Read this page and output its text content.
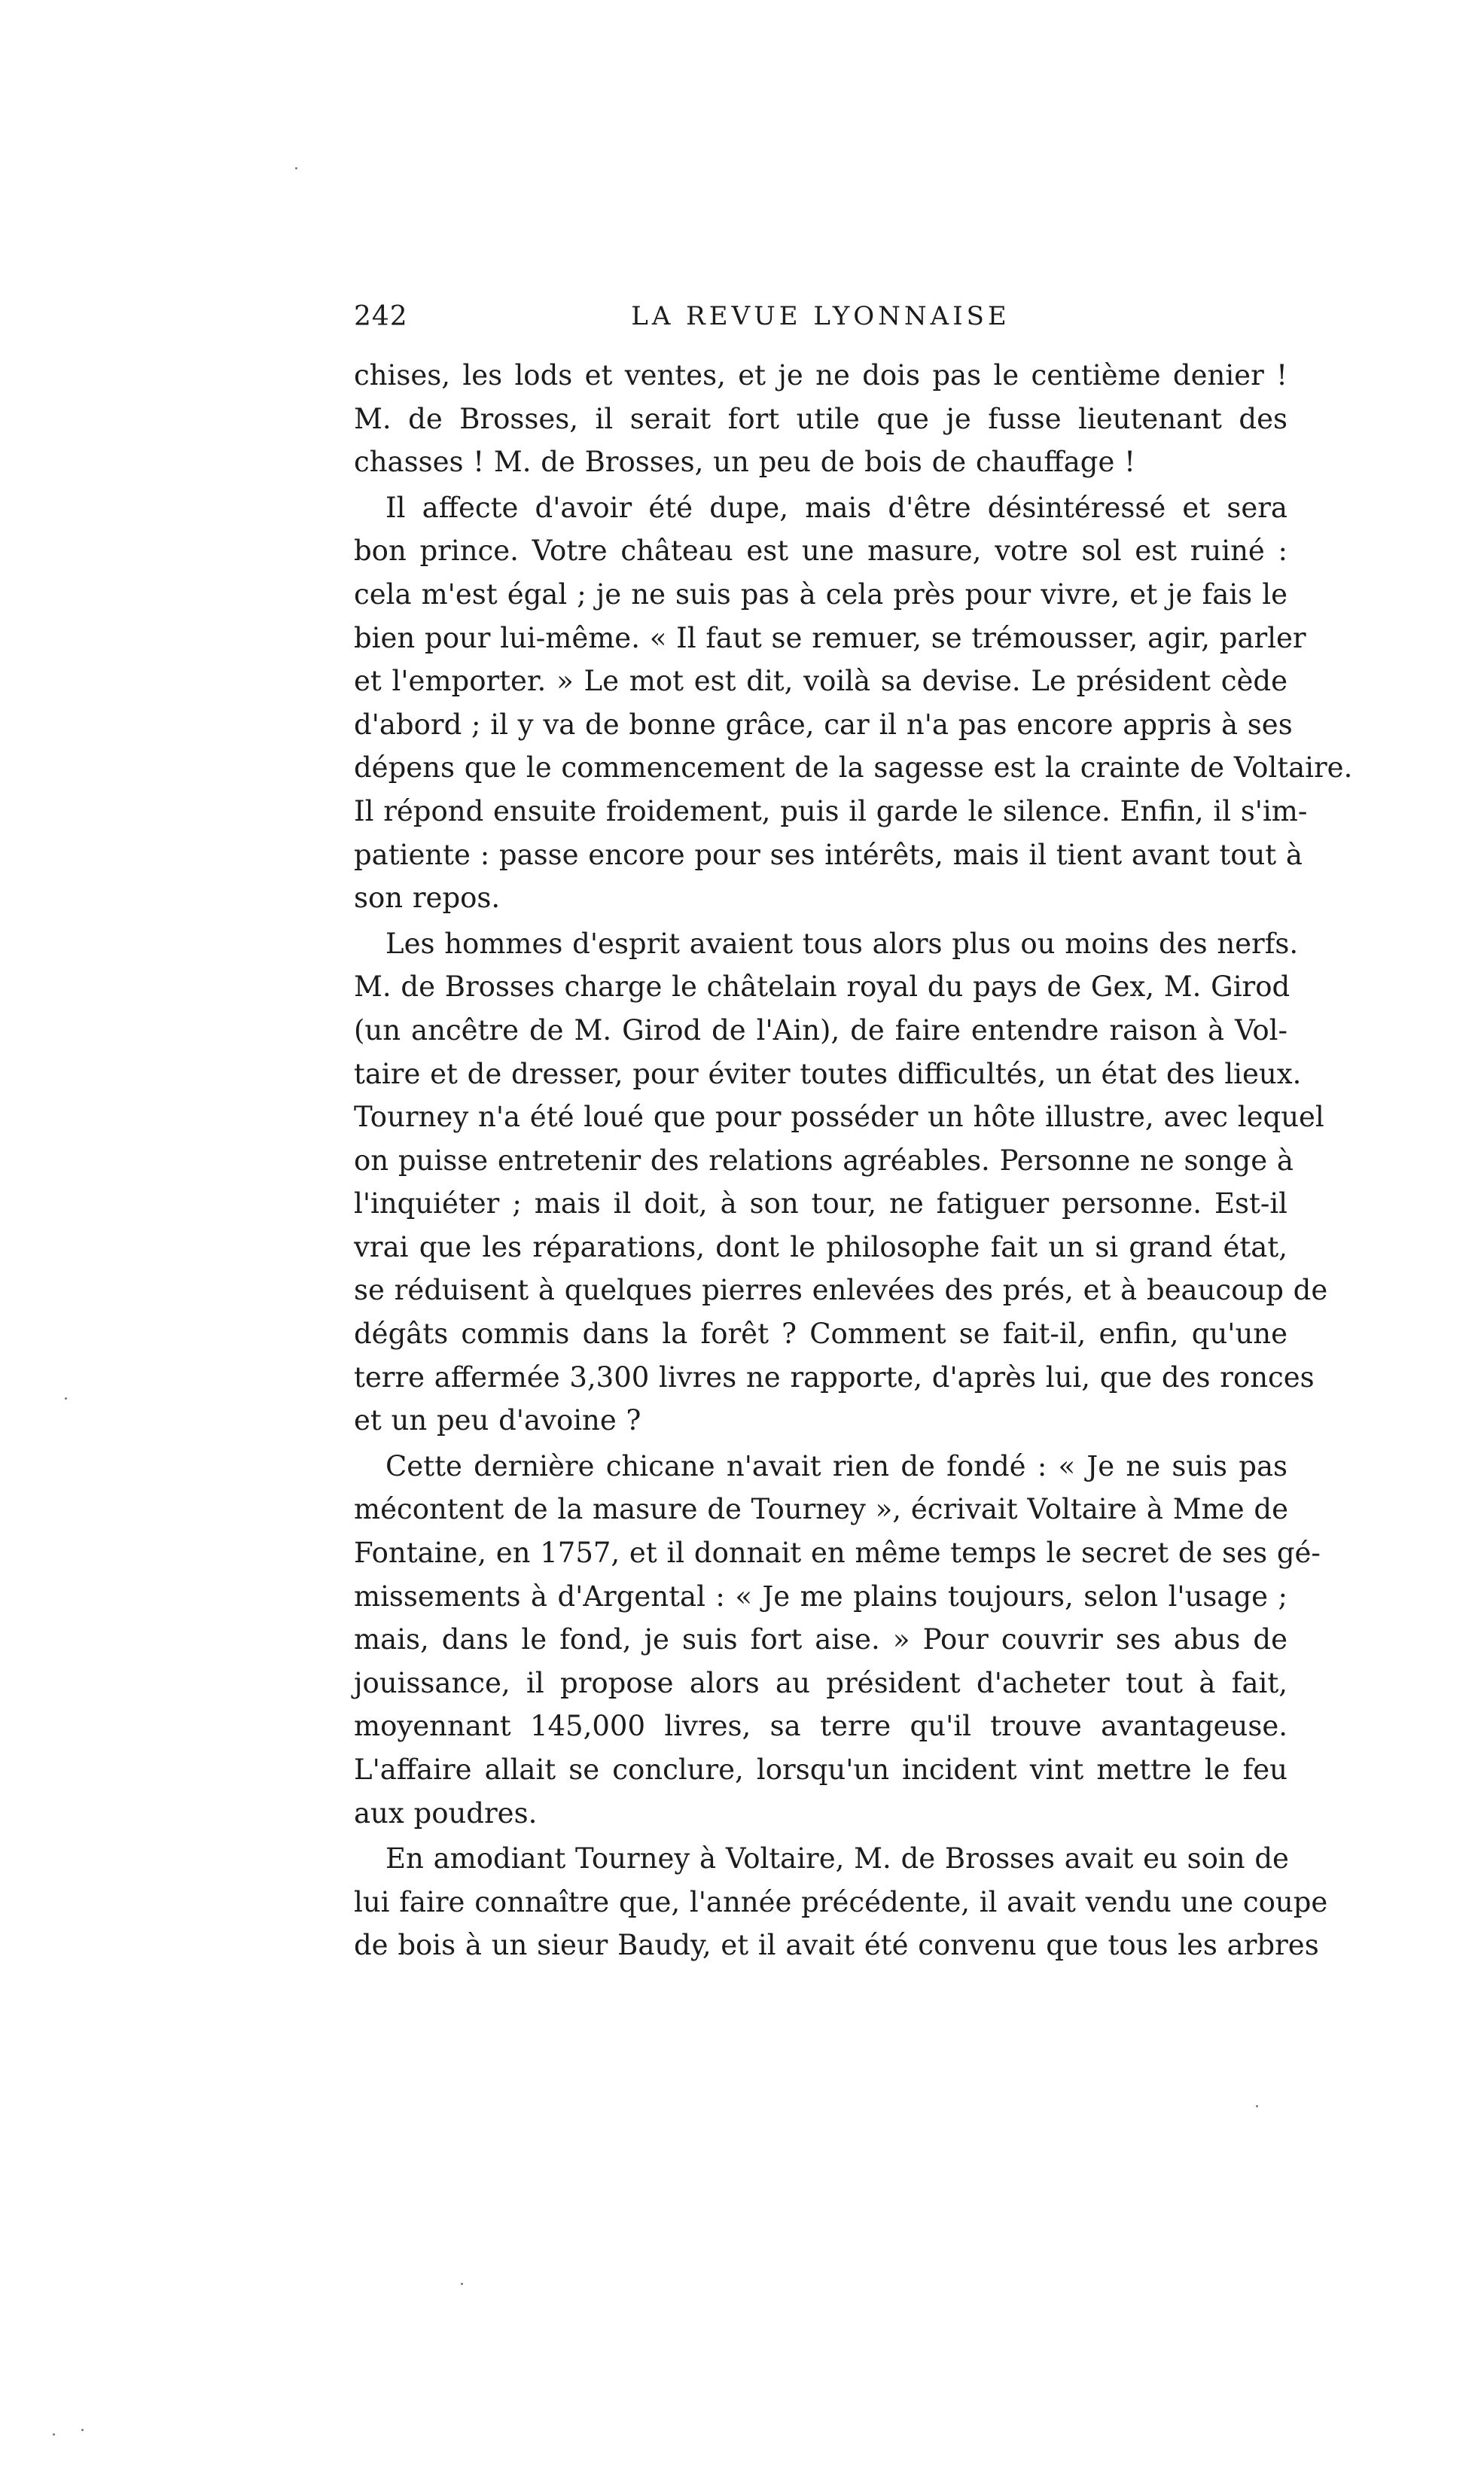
242	LA REVUE LYONNAISE
chises, les lods et ventes, et je ne dois pas le centième denier !
M. de Brosses, il serait fort utile que je fusse lieutenant des
chasses ! M. de Brosses, un peu de bois de chauffage !
Il affecte d'avoir été dupe, mais d'être désintéressé et sera
bon prince. Votre château est une masure, votre sol est ruiné :
cela m'est égal ; je ne suis pas à cela près pour vivre, et je fais le
bien pour lui-même. « Il faut se remuer, se trémousser, agir, parler
et l'emporter. » Le mot est dit, voilà sa devise. Le président cède
d'abord ; il y va de bonne grâce, car il n'a pas encore appris à ses
dépens que le commencement de la sagesse est la crainte de Voltaire.
Il répond ensuite froidement, puis il garde le silence. Enfin, il s'im-
patiente : passe encore pour ses intérêts, mais il tient avant tout à
son repos.
Les hommes d'esprit avaient tous alors plus ou moins des nerfs.
M. de Brosses charge le châtelain royal du pays de Gex, M. Girod
(un ancêtre de M. Girod de l'Ain), de faire entendre raison à Vol-
taire et de dresser, pour éviter toutes difficultés, un état des lieux.
Tourney n'a été loué que pour posséder un hôte illustre, avec lequel
on puisse entretenir des relations agréables. Personne ne songe à
l'inquiéter ; mais il doit, à son tour, ne fatiguer personne. Est-il
vrai que les réparations, dont le philosophe fait un si grand état,
se réduisent à quelques pierres enlevées des prés, et à beaucoup de
dégâts commis dans la forêt ? Comment se fait-il, enfin, qu'une
terre affermée 3,300 livres ne rapporte, d'après lui, que des ronces
et un peu d'avoine ?
Cette dernière chicane n'avait rien de fondé : « Je ne suis pas
mécontent de la masure de Tourney », écrivait Voltaire à Mme de
Fontaine, en 1757, et il donnait en même temps le secret de ses gé-
missements à d'Argental : « Je me plains toujours, selon l'usage ;
mais, dans le fond, je suis fort aise. » Pour couvrir ses abus de
jouissance, il propose alors au président d'acheter tout à fait,
moyennant 145,000 livres, sa terre qu'il trouve avantageuse.
L'affaire allait se conclure, lorsqu'un incident vint mettre le feu
aux poudres.
En amodiant Tourney à Voltaire, M. de Brosses avait eu soin de
lui faire connaître que, l'année précédente, il avait vendu une coupe
de bois à un sieur Baudy, et il avait été convenu que tous les arbres
